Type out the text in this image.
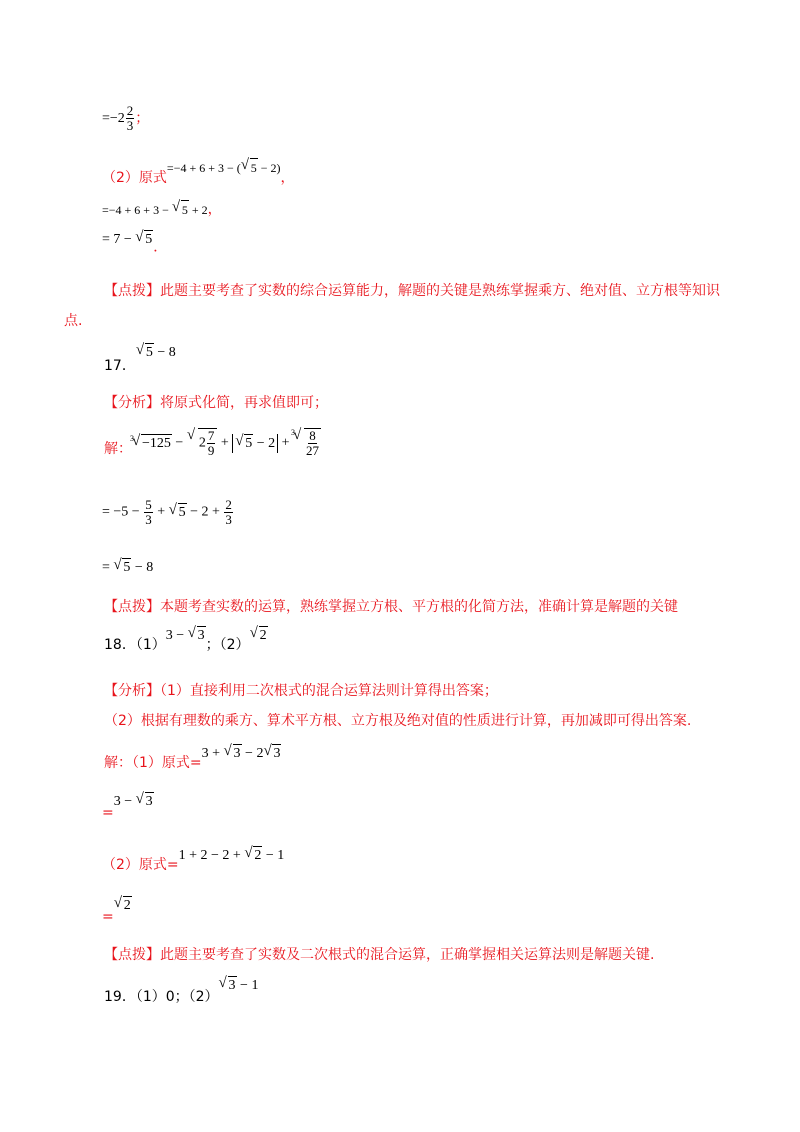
$=-2 \frac{2}{3}$ ；
（2）原式=−4 + 6 + 3 − ( √ 5 − 2)，
=−4 + 6 + 3 − √ 5 + 2，
= 7 − √ 5．
【点拨】此题主要考查了实数的综合运算能力，解题的关键是熟练掌握乘方、绝对值、立方根等知识
点.
17．√ 5 − 8
【分析】将原式化简，再求值即可；
解：
√ 3 −125 − √ $2 \frac{7}{9}$ + √ 5 − 2 +
√ $3 \frac{8}{27}$
= $-5 - \frac{5}{3}$ + √ $5 - 2 + \frac{2}{3}$
= √ 5 − 8
【点拨】本题考查实数的运算，熟练掌握立方根、平方根的化简方法，准确计算是解题的关键
18．（1）3 − √ 3；（2）√ 2
【分析】（1）直接利用二次根式的混合运算法则计算得出答案；
（2）根据有理数的乘方、算术平方根、立方根及绝对值的性质进行计算，再加减即可得出答案.
解：（1）原式=3 + √ 3 − 2 √ 3
=3 − √ 3
（2）原式=1 + 2 − 2 + √ 2 − 1
=√ 2
【点拨】此题主要考查了实数及二次根式的混合运算，正确掌握相关运算法则是解题关键.
19．（1）0；（2）√ 3 − 1
